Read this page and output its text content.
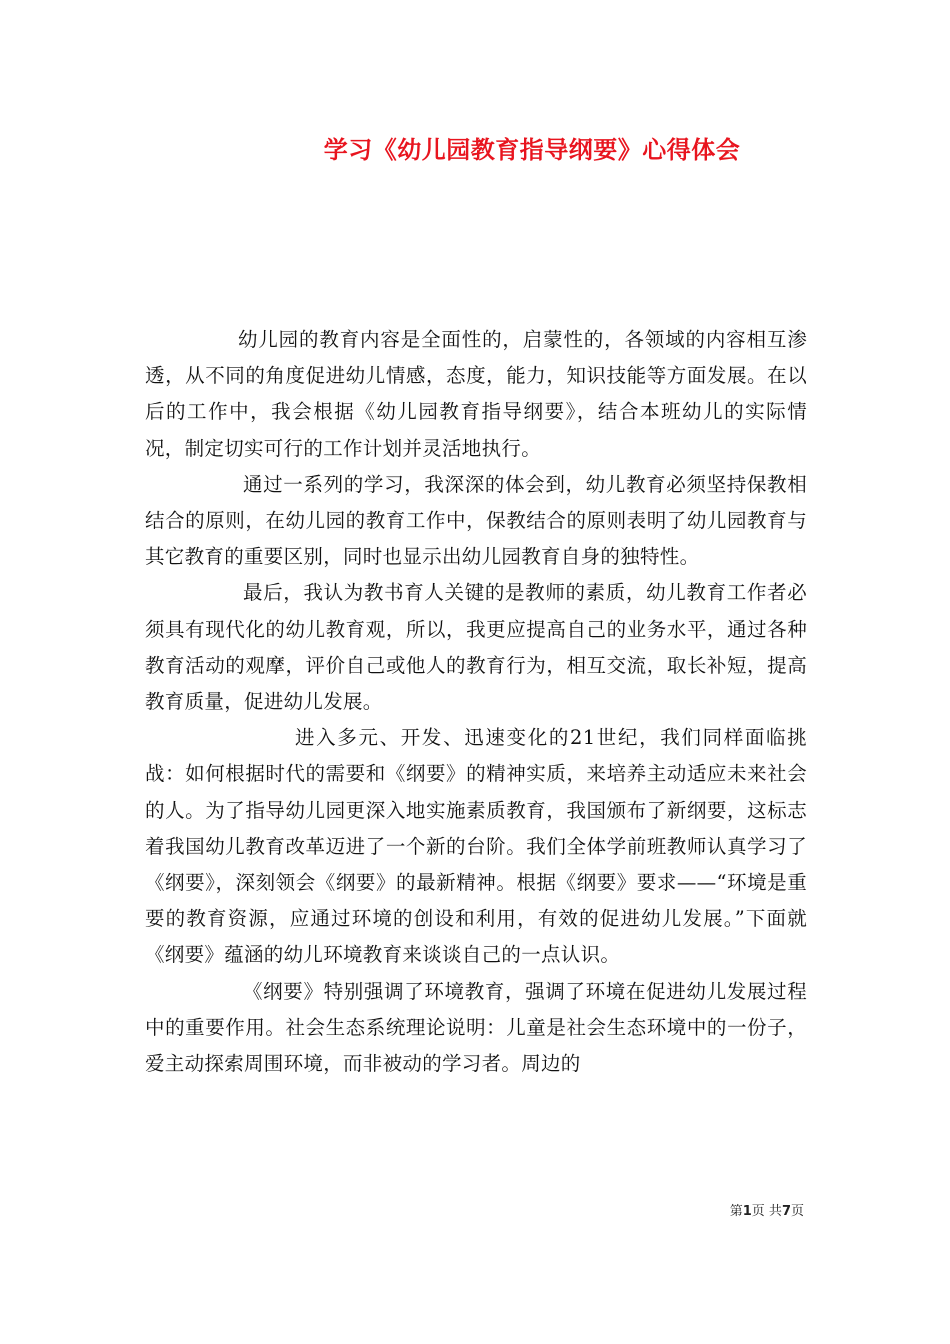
学习《幼儿园教育指导纲要》心得体会

幼儿园的教育内容是全面性的，启蒙性的，各领域的内容相互渗透，从不同的角度促进幼儿情感，态度，能力，知识技能等方面发展。在以后的工作中，我会根据《幼儿园教育指导纲要》，结合本班幼儿的实际情况，制定切实可行的工作计划并灵活地执行。

通过一系列的学习，我深深的体会到，幼儿教育必须坚持保教相结合的原则，在幼儿园的教育工作中，保教结合的原则表明了幼儿园教育与其它教育的重要区别，同时也显示出幼儿园教育自身的独特性。

最后，我认为教书育人关键的是教师的素质，幼儿教育工作者必须具有现代化的幼儿教育观，所以，我更应提高自己的业务水平，通过各种教育活动的观摩，评价自己或他人的教育行为，相互交流，取长补短，提高教育质量，促进幼儿发展。

进入多元、开发、迅速变化的21世纪，我们同样面临挑战：如何根据时代的需要和《纲要》的精神实质，来培养主动适应未来社会的人。为了指导幼儿园更深入地实施素质教育，我国颁布了新纲要，这标志着我国幼儿教育改革迈进了一个新的台阶。我们全体学前班教师认真学习了《纲要》，深刻领会《纲要》的最新精神。根据《纲要》要求——“环境是重要的教育资源，应通过环境的创设和利用，有效的促进幼儿发展。”下面就《纲要》蕴涵的幼儿环境教育来谈谈自己的一点认识。

《纲要》特别强调了环境教育，强调了环境在促进幼儿发展过程中的重要作用。社会生态系统理论说明：儿童是社会生态环境中的一份子，爱主动探索周围环境，而非被动的学习者。周边的

第1页 共7页
